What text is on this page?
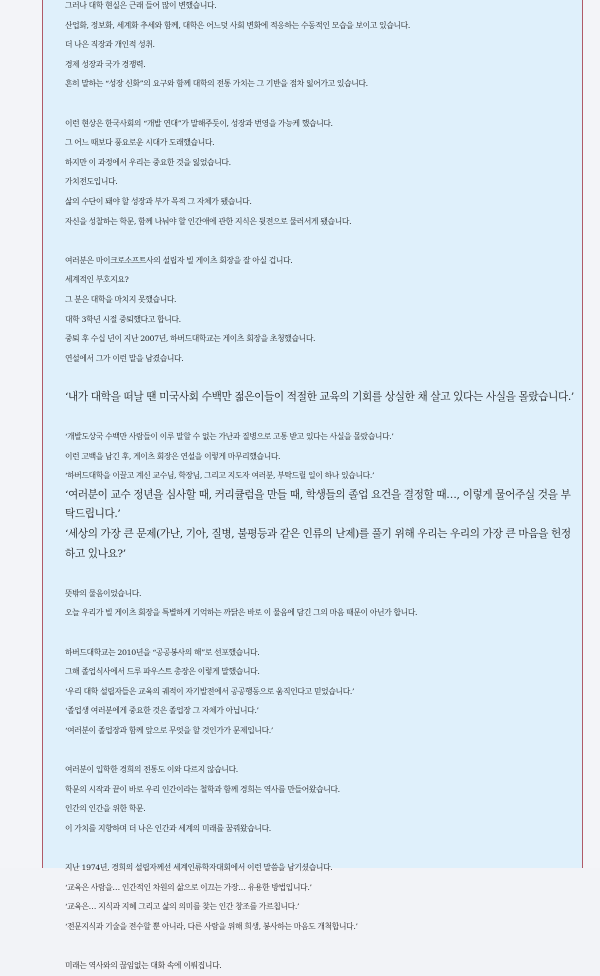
그러나 대학 현실은 근래 들어 많이 변했습니다.
산업화, 정보화, 세계화 추세와 함께, 대학은 어느덧 사회 변화에 적응하는 수동적인 모습을 보이고 있습니다.
더 나은 직장과 개인적 성취.
경제 성장과 국가 경쟁력.
흔히 말하는 “성장 신화”의 요구와 함께 대학의 전통 가치는 그 기반을 점차 잃어가고 있습니다.
이런 현상은 한국사회의 “개발 연대”가 말해주듯이, 성장과 번영을 가능케 했습니다.
그 어느 때보다 풍요로운 시대가 도래했습니다.
하지만 이 과정에서 우리는 중요한 것을 잃었습니다.
가치전도입니다.
삶의 수단이 돼야 할 성장과 부가 목적 그 자체가 됐습니다.
자신을 성찰하는 학문, 함께 나눠야 할 인간애에 관한 지식은 뒷전으로 물러서게 됐습니다.
여러분은 마이크로소프트사의 설립자 빌 게이츠 회장을 잘 아실 겁니다.
세계적인 부호지요?
그 분은 대학을 마치지 못했습니다.
대학 3학년 시절 중퇴했다고 합니다.
중퇴 후 수십 년이 지난 2007년, 하버드대학교는 게이츠 회장을 초청했습니다.
연설에서 그가 이런 말을 남겼습니다.
‘내가 대학을 떠날 땐 미국사회 수백만 젊은이들이 적절한 교육의 기회를 상실한 채 살고 있다는 사실을 몰랐습니다.’
‘개발도상국 수백만 사람들이 이루 말할 수 없는 가난과 질병으로 고통 받고 있다는 사실을 몰랐습니다.’
이런 고백을 남긴 후, 게이츠 회장은 연설을 이렇게 마무리했습니다.
‘하버드대학을 이끌고 계신 교수님, 학장님, 그리고 지도자 여러분, 부탁드릴 일이 하나 있습니다.’
‘여러분이 교수 정년을 심사할 때, 커리큘럼을 만들 때, 학생들의 졸업 요건을 결정할 때…, 이렇게 물어주실 것을 부탁드립니다.’
‘세상의 가장 큰 문제(가난, 기아, 질병, 불평등과 같은 인류의 난제)를 풀기 위해 우리는 우리의 가장 큰 마음을 헌정하고 있나요?’
뜻밖의 물음이었습니다.
오늘 우리가 빌 게이츠 회장을 특별하게 기억하는 까닭은 바로 이 물음에 담긴 그의 마음 때문이 아닌가 합니다.
하버드대학교는 2010년을 “공공봉사의 해”로 선포했습니다.
그해 졸업식사에서 드루 파우스트 총장은 이렇게 말했습니다.
‘우리 대학 설립자들은 교육의 궤적이 자기발전에서 공공행동으로 움직인다고 믿었습니다.’
‘졸업생 여러분에게 중요한 것은 졸업장 그 자체가 아닙니다.’
‘여러분이 졸업장과 함께 앞으로 무엇을 할 것인가가 문제입니다.’
여러분이 입학한 경희의 전통도 이와 다르지 않습니다.
학문의 시작과 끝이 바로 우리 인간이라는 철학과 함께 경희는 역사를 만들어왔습니다.
인간의 인간을 위한 학문.
이 가치를 지향하며 더 나은 인간과 세계의 미래를 꿈꿔왔습니다.
지난 1974년, 경희의 설립자께선 세계인류학자대회에서 이런 말씀을 남기셨습니다.
‘교육은 사람을… 인간적인 차원의 삶으로 이끄는 가장… 유용한 방법입니다.’
‘교육은… 지식과 지혜 그리고 삶의 의미를 찾는 인간 창조를 가르칩니다.’
‘전문지식과 기술을 전수할 뿐 아니라, 다른 사람을 위해 희생, 봉사하는 마음도 개척합니다.’
미래는 역사와의 끊임없는 대화 속에 이뤄집니다.
